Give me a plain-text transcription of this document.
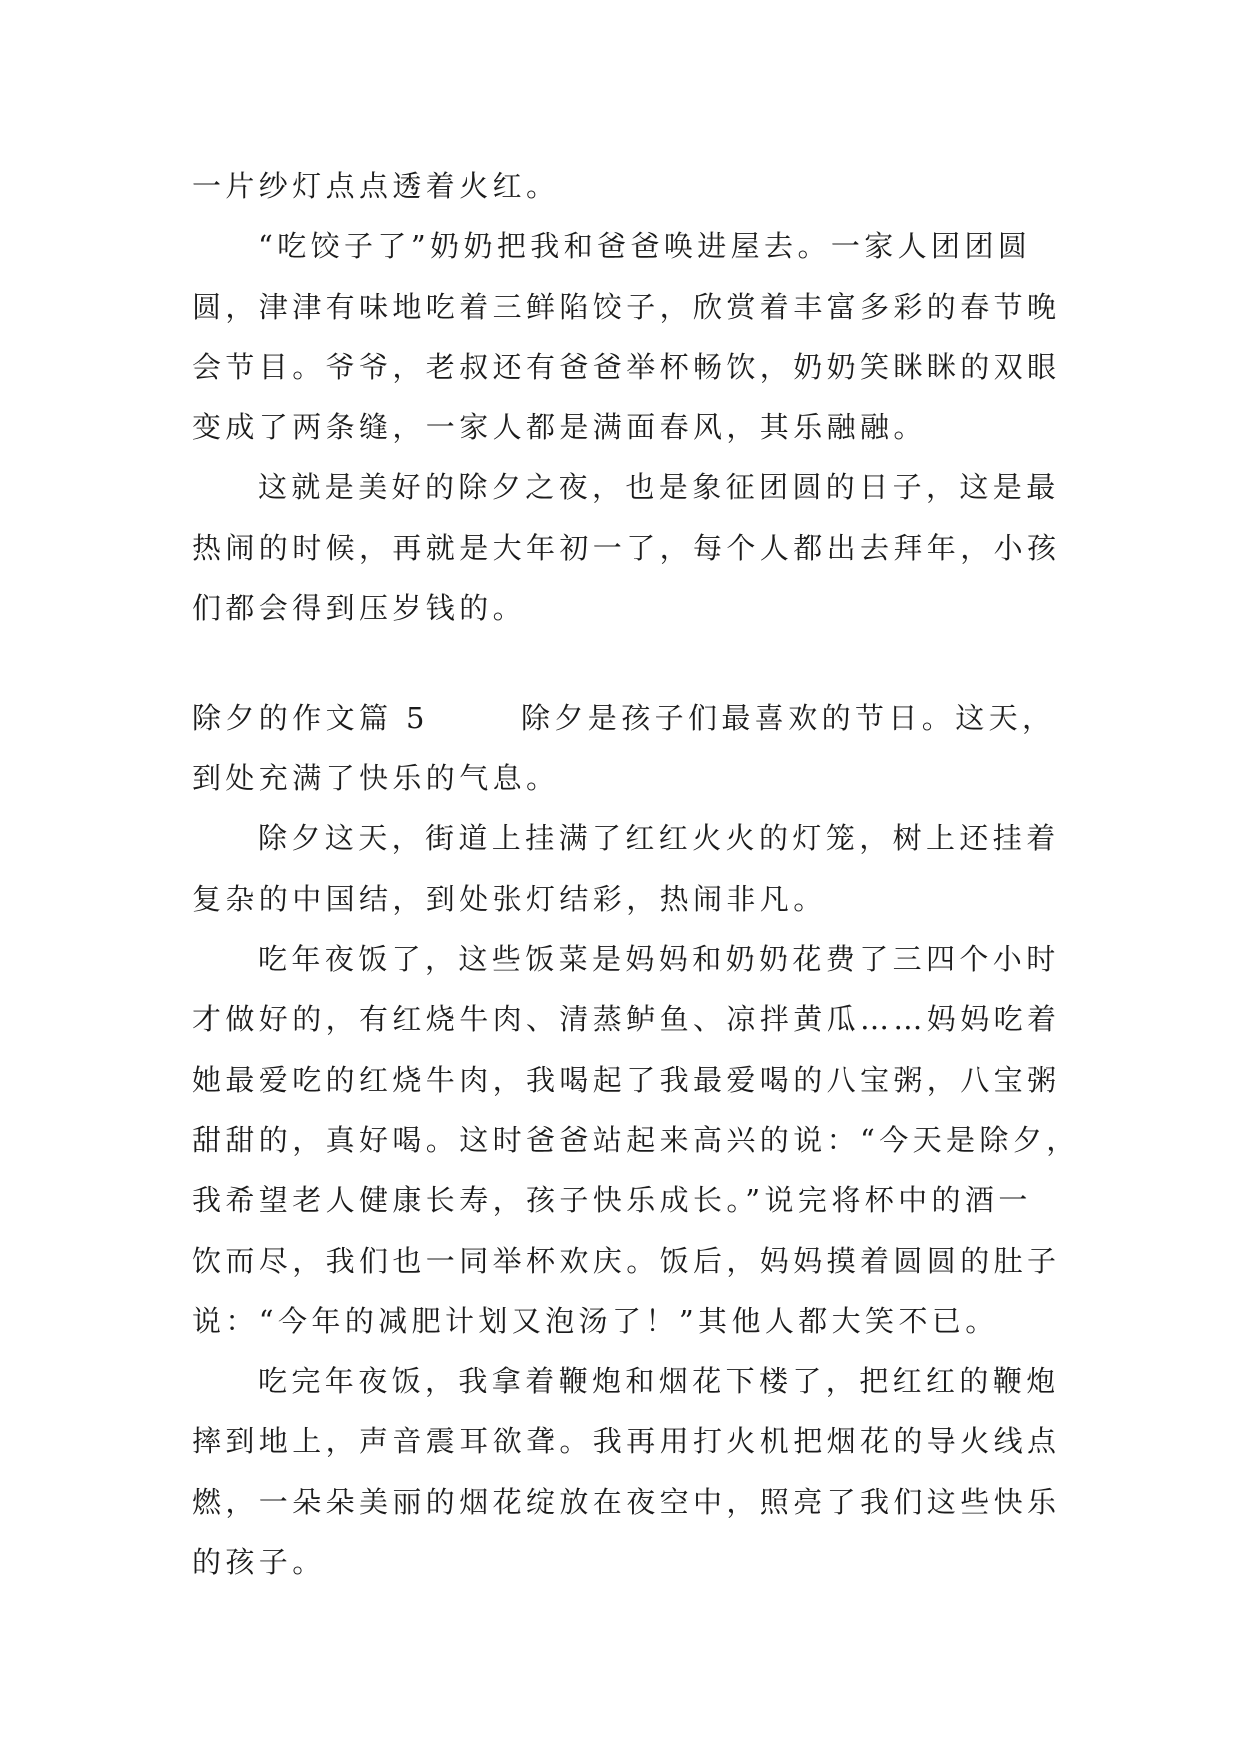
一片纱灯点点透着火红。
“吃饺子了”奶奶把我和爸爸唤进屋去。一家人团团圆
圆，津津有味地吃着三鲜陷饺子，欣赏着丰富多彩的春节晚
会节目。爷爷，老叔还有爸爸举杯畅饮，奶奶笑眯眯的双眼
变成了两条缝，一家人都是满面春风，其乐融融。
这就是美好的除夕之夜，也是象征团圆的日子，这是最
热闹的时候，再就是大年初一了，每个人都出去拜年，小孩
们都会得到压岁钱的。
除夕的作文 篇 5	除夕是孩子们最喜欢的节日。这天，
到处充满了快乐的气息。
除夕这天，街道上挂满了红红火火的灯笼，树上还挂着
复杂的中国结，到处张灯结彩，热闹非凡。
吃年夜饭了，这些饭菜是妈妈和奶奶花费了三四个小时
才做好的，有红烧牛肉、清蒸鲈鱼、凉拌黄瓜……妈妈吃着
她最爱吃的红烧牛肉，我喝起了我最爱喝的八宝粥，八宝粥
甜甜的，真好喝。这时爸爸站起来高兴的说：“今天是除夕，
我希望老人健康长寿，孩子快乐成长。”说完将杯中的酒一
饮而尽，我们也一同举杯欢庆。饭后，妈妈摸着圆圆的肚子
说：“今年的减肥计划又泡汤了！”其他人都大笑不已。
吃完年夜饭，我拿着鞭炮和烟花下楼了，把红红的鞭炮
摔到地上，声音震耳欲聋。我再用打火机把烟花的导火线点
燃，一朵朵美丽的烟花绽放在夜空中，照亮了我们这些快乐
的孩子。
